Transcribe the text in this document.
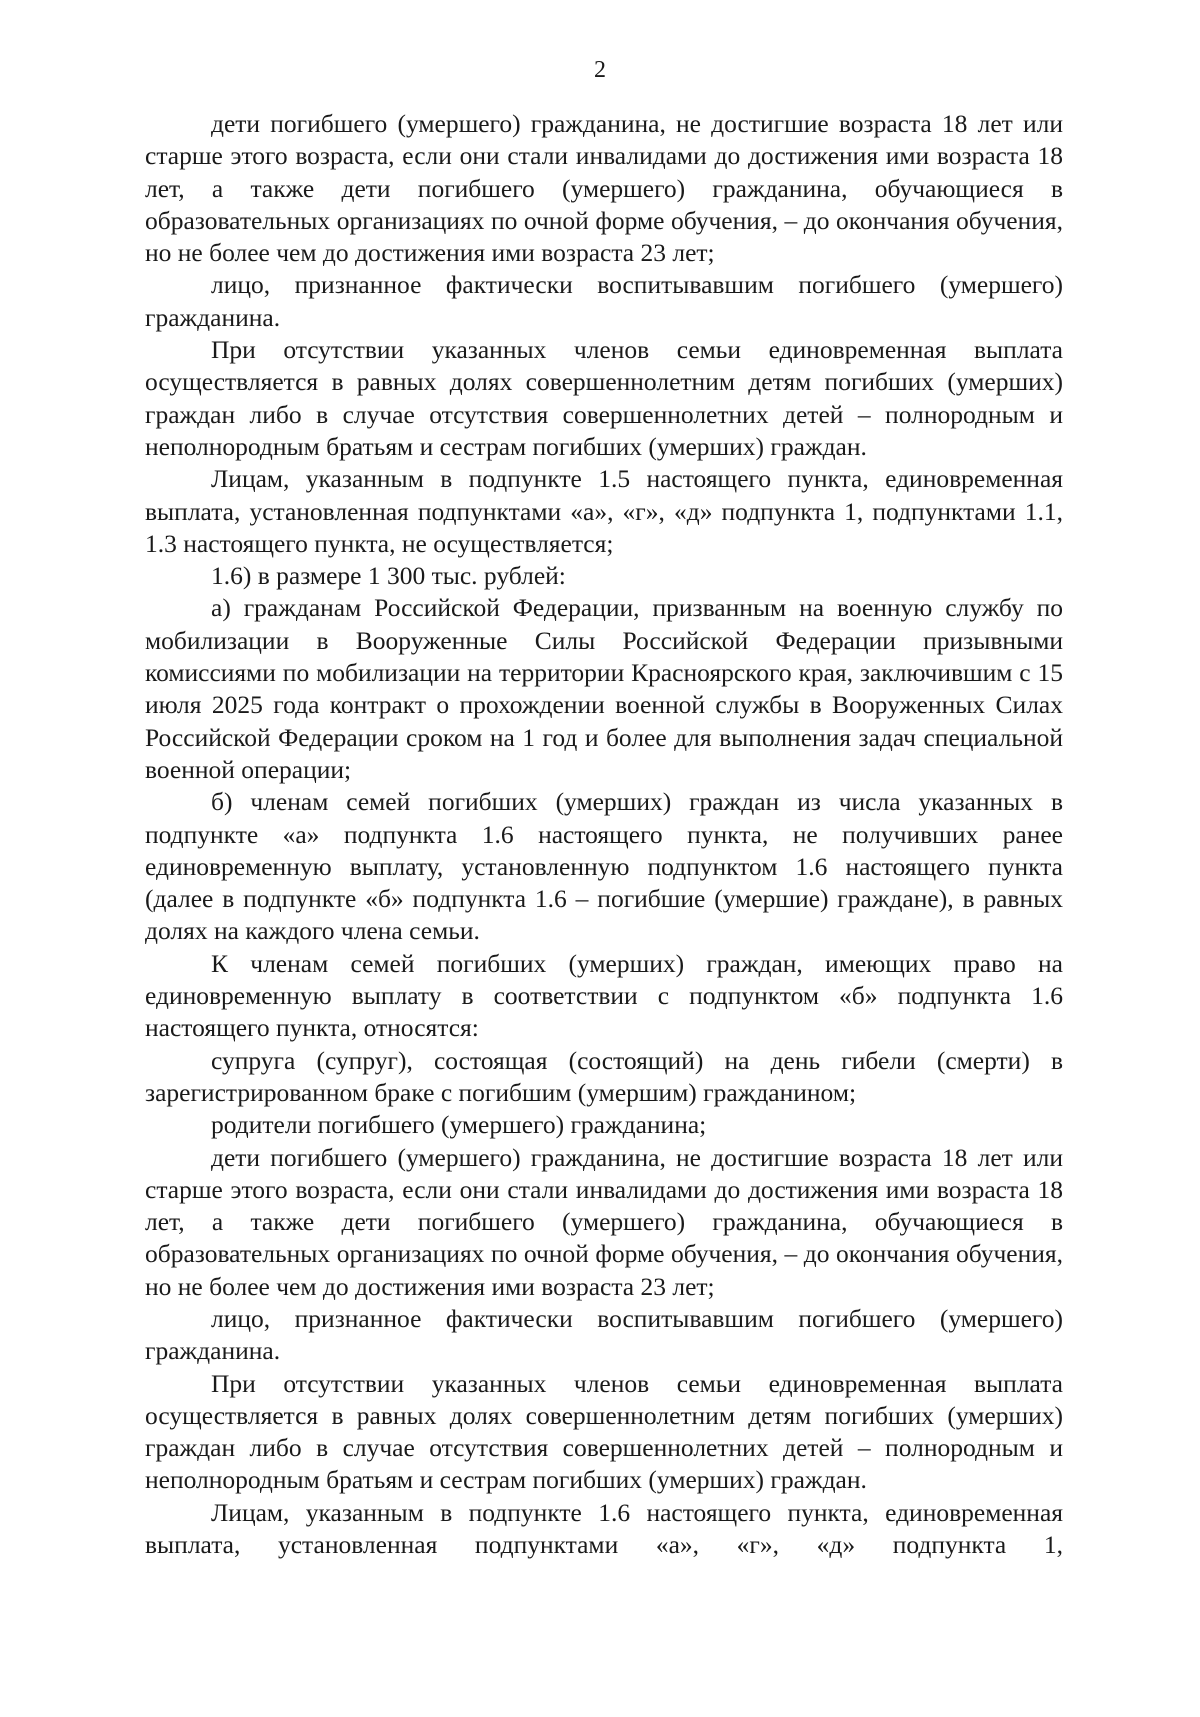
2

дети погибшего (умершего) гражданина, не достигшие возраста 18 лет или старше этого возраста, если они стали инвалидами до достижения ими возраста 18 лет, а также дети погибшего (умершего) гражданина, обучающиеся в образовательных организациях по очной форме обучения, – до окончания обучения, но не более чем до достижения ими возраста 23 лет;

лицо, признанное фактически воспитывавшим погибшего (умершего) гражданина.

При отсутствии указанных членов семьи единовременная выплата осуществляется в равных долях совершеннолетним детям погибших (умерших) граждан либо в случае отсутствия совершеннолетних детей – полнородным и неполнородным братьям и сестрам погибших (умерших) граждан.

Лицам, указанным в подпункте 1.5 настоящего пункта, единовременная выплата, установленная подпунктами «а», «г», «д» подпункта 1, подпунктами 1.1, 1.3 настоящего пункта, не осуществляется;

1.6) в размере 1 300 тыс. рублей:

а) гражданам Российской Федерации, призванным на военную службу по мобилизации в Вооруженные Силы Российской Федерации призывными комиссиями по мобилизации на территории Красноярского края, заключившим с 15 июля 2025 года контракт о прохождении военной службы в Вооруженных Силах Российской Федерации сроком на 1 год и более для выполнения задач специальной военной операции;

б) членам семей погибших (умерших) граждан из числа указанных в подпункте «а» подпункта 1.6 настоящего пункта, не получивших ранее единовременную выплату, установленную подпунктом 1.6 настоящего пункта (далее в подпункте «б» подпункта 1.6 – погибшие (умершие) граждане), в равных долях на каждого члена семьи.

К членам семей погибших (умерших) граждан, имеющих право на единовременную выплату в соответствии с подпунктом «б» подпункта 1.6 настоящего пункта, относятся:

супруга (супруг), состоящая (состоящий) на день гибели (смерти) в зарегистрированном браке с погибшим (умершим) гражданином;

родители погибшего (умершего) гражданина;

дети погибшего (умершего) гражданина, не достигшие возраста 18 лет или старше этого возраста, если они стали инвалидами до достижения ими возраста 18 лет, а также дети погибшего (умершего) гражданина, обучающиеся в образовательных организациях по очной форме обучения, – до окончания обучения, но не более чем до достижения ими возраста 23 лет;

лицо, признанное фактически воспитывавшим погибшего (умершего) гражданина.

При отсутствии указанных членов семьи единовременная выплата осуществляется в равных долях совершеннолетним детям погибших (умерших) граждан либо в случае отсутствия совершеннолетних детей – полнородным и неполнородным братьям и сестрам погибших (умерших) граждан.

Лицам, указанным в подпункте 1.6 настоящего пункта, единовременная выплата, установленная подпунктами «а», «г», «д» подпункта 1,
